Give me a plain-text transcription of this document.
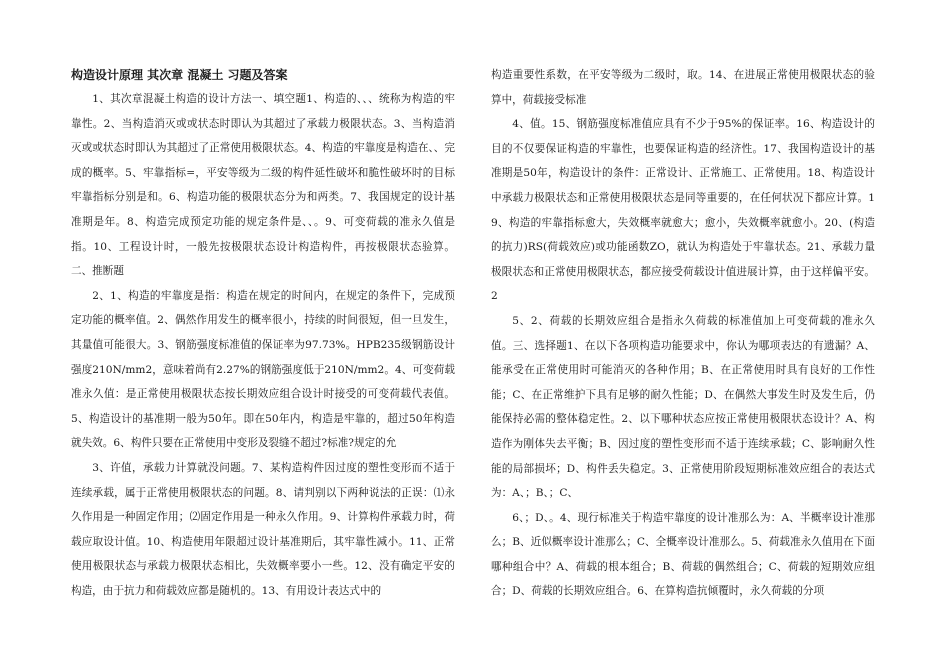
构造设计原理 其次章 混凝土 习题及答案

1、其次章混凝土构造的设计方法一、填空题1、构造的、、、统称为构造的牢靠性。2、当构造消灭或或状态时即认为其超过了承载力极限状态。3、当构造消灭或或状态时即认为其超过了正常使用极限状态。4、构造的牢靠度是构造在、、完成的概率。5、牢靠指标=，平安等级为二级的构件延性破坏和脆性破坏时的目标牢靠指标分别是和。6、构造功能的极限状态分为和两类。7、我国规定的设计基准期是年。8、构造完成预定功能的规定条件是、、。9、可变荷载的准永久值是指。10、工程设计时，一般先按极限状态设计构造构件，再按极限状态验算。二、推断题

2、1、构造的牢靠度是指：构造在规定的时间内，在规定的条件下，完成预定功能的概率值。2、偶然作用发生的概率很小，持续的时间很短，但一旦发生，其量值可能很大。3、钢筋强度标准值的保证率为97.73%。HPB235级钢筋设计强度210N/mm2，意味着尚有2.27%的钢筋强度低于210N/mm2。4、可变荷载准永久值：是正常使用极限状态按长期效应组合设计时接受的可变荷载代表值。5、构造设计的基准期一般为50年。即在50年内，构造是牢靠的，超过50年构造就失效。6、构件只要在正常使用中变形及裂缝不超过?标准?规定的允

3、许值，承载力计算就没问题。7、某构造构件因过度的塑性变形而不适于连续承载，属于正常使用极限状态的问题。8、请判别以下两种说法的正误：⑴永久作用是一种固定作用；⑵固定作用是一种永久作用。9、计算构件承载力时，荷载应取设计值。10、构造使用年限超过设计基准期后，其牢靠性减小。11、正常使用极限状态与承载力极限状态相比，失效概率要小一些。12、没有确定平安的构造，由于抗力和荷载效应都是随机的。13、有用设计表达式中的

构造重要性系数，在平安等级为二级时，取。14、在进展正常使用极限状态的验算中，荷载接受标准

4、值。15、钢筋强度标准值应具有不少于95%的保证率。16、构造设计的目的不仅要保证构造的牢靠性，也要保证构造的经济性。17、我国构造设计的基准期是50年，构造设计的条件：正常设计、正常施工、正常使用。18、构造设计中承载力极限状态和正常使用极限状态是同等重要的，在任何状况下都应计算。19、构造的牢靠指标愈大，失效概率就愈大；愈小，失效概率就愈小。20、(构造的抗力)RS(荷载效应)或功能函数ZO，就认为构造处于牢靠状态。21、承载力量极限状态和正常使用极限状态，都应接受荷载设计值进展计算，由于这样偏平安。2

5、2、荷载的长期效应组合是指永久荷载的标准值加上可变荷载的准永久值。三、选择题1、在以下各项构造功能要求中，你认为哪项表达的有遗漏？A、能承受在正常使用时可能消灭的各种作用；B、在正常使用时具有良好的工作性能；C、在正常维护下具有足够的耐久性能；D、在偶然大事发生时及发生后，仍能保持必需的整体稳定性。2、以下哪种状态应按正常使用极限状态设计？A、构造作为刚体失去平衡；B、因过度的塑性变形而不适于连续承载；C、影响耐久性能的局部损坏；D、构件丢失稳定。3、正常使用阶段短期标准效应组合的表达式为：A、；B、；C、

6、；D、。4、现行标准关于构造牢靠度的设计准那么为：A、半概率设计准那么；B、近似概率设计准那么；C、全概率设计准那么。5、荷载准永久值用在下面哪种组合中？A、荷载的根本组合；B、荷载的偶然组合；C、荷载的短期效应组合；D、荷载的长期效应组合。6、在算构造抗倾覆时，永久荷载的分项
